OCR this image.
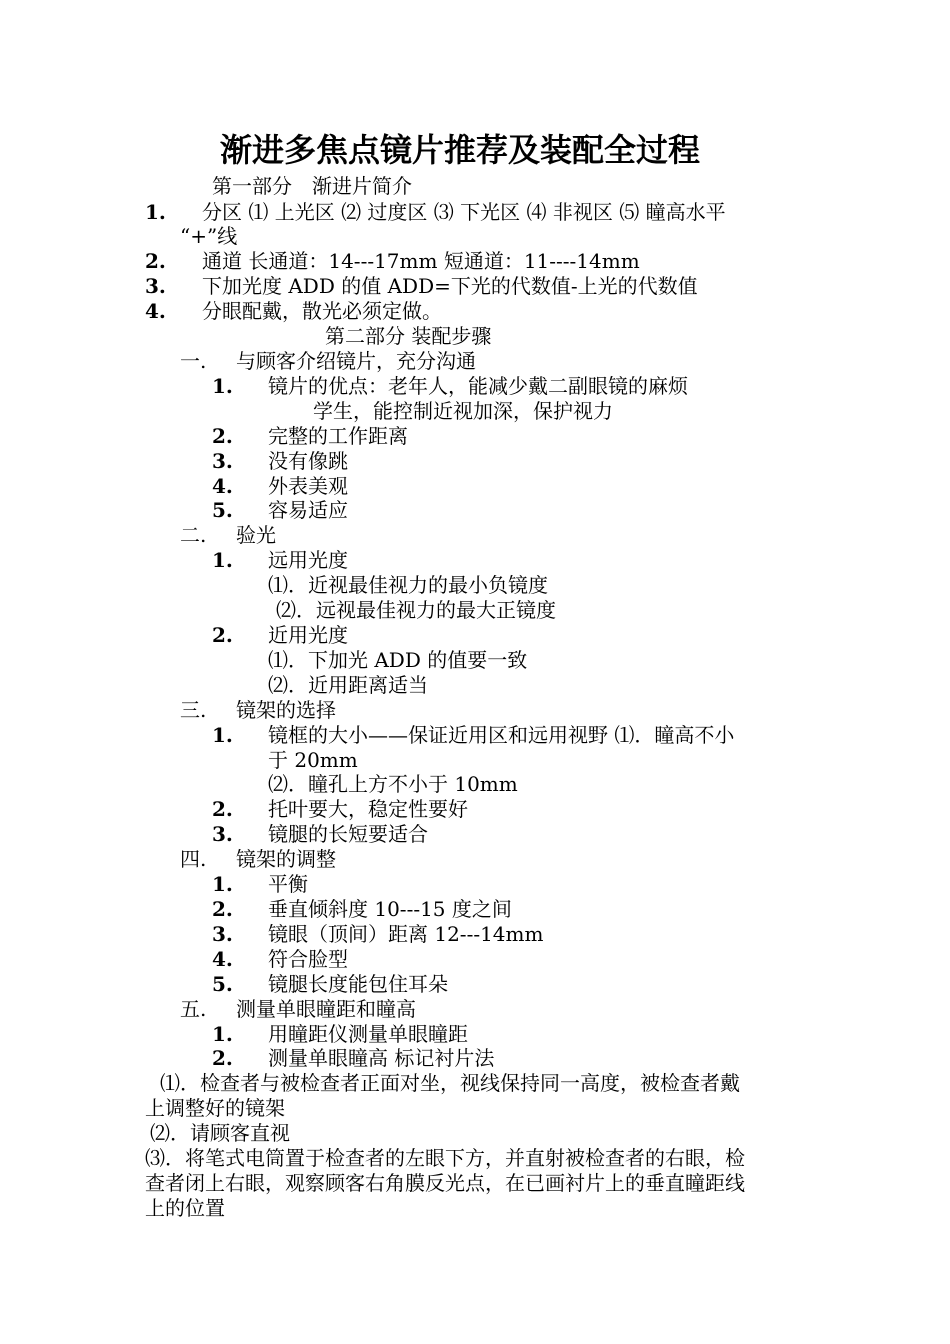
渐进多焦点镜片推荐及装配全过程
第一部分　渐进片简介
1. 分区 ⑴ 上光区 ⑵ 过度区 ⑶ 下光区 ⑷ 非视区 ⑸ 瞳高水平
“+”线
2. 通道 长通道：14---17mm 短通道：11----14mm
3. 下加光度 ADD 的值 ADD=下光的代数值-上光的代数值
4. 分眼配戴，散光必须定做。
第二部分 装配步骤
一. 与顾客介绍镜片，充分沟通
1. 镜片的优点：老年人，能减少戴二副眼镜的麻烦
学生，能控制近视加深，保护视力
2. 完整的工作距离
3. 没有像跳
4. 外表美观
5. 容易适应
二. 验光
1. 远用光度
⑴．近视最佳视力的最小负镜度
⑵．远视最佳视力的最大正镜度
2. 近用光度
⑴．下加光 ADD 的值要一致
⑵．近用距离适当
三. 镜架的选择
1. 镜框的大小——保证近用区和远用视野 ⑴．瞳高不小
于 20mm
⑵．瞳孔上方不小于 10mm
2. 托叶要大，稳定性要好
3. 镜腿的长短要适合
四. 镜架的调整
1. 平衡
2. 垂直倾斜度 10---15 度之间
3. 镜眼（顶间）距离 12---14mm
4. 符合脸型
5. 镜腿长度能包住耳朵
五. 测量单眼瞳距和瞳高
1. 用瞳距仪测量单眼瞳距
2. 测量单眼瞳高 标记衬片法
⑴．检查者与被检查者正面对坐，视线保持同一高度，被检查者戴
上调整好的镜架
⑵．请顾客直视
⑶．将笔式电筒置于检查者的左眼下方，并直射被检查者的右眼，检
查者闭上右眼，观察顾客右角膜反光点，在已画衬片上的垂直瞳距线
上的位置
